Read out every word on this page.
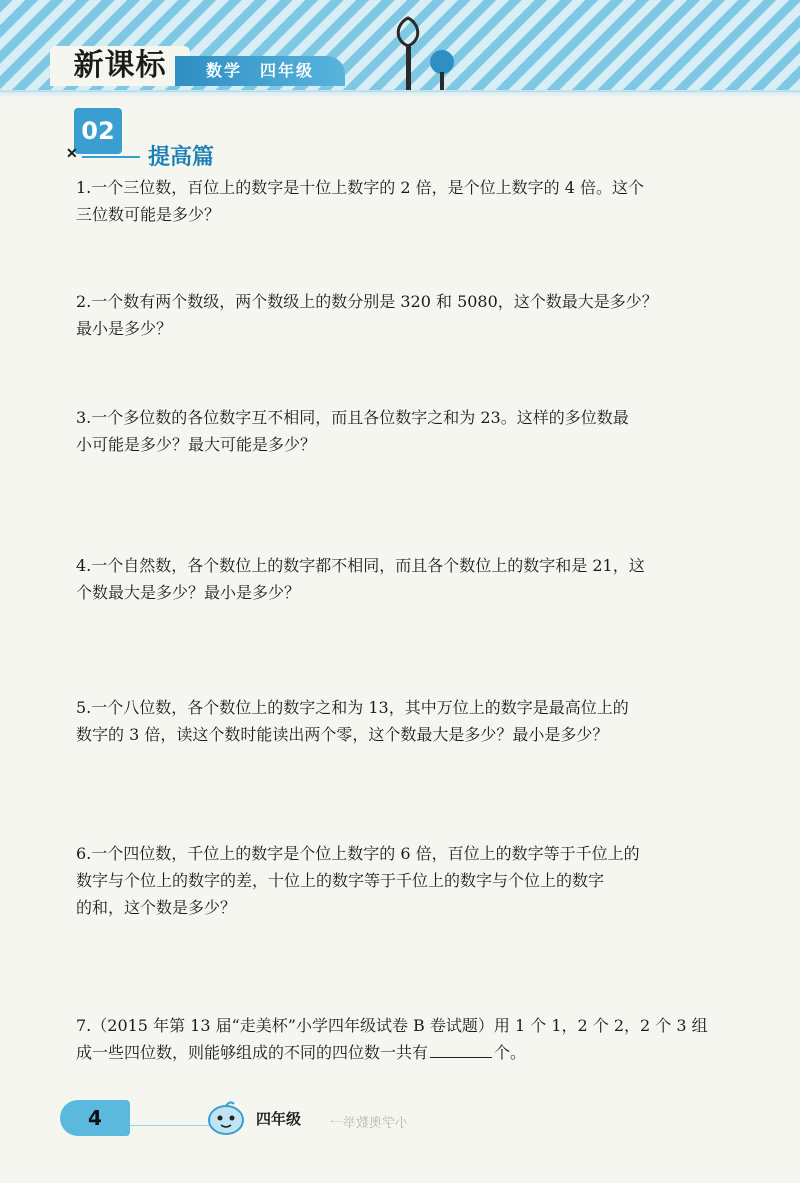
新课标	数学　四年级
02
✕	提高篇
1.一个三位数，百位上的数字是十位上数字的 2 倍，是个位上数字的 4 倍。这个
三位数可能是多少？
2.一个数有两个数级，两个数级上的数分别是 320 和 5080，这个数最大是多少？
最小是多少？
3.一个多位数的各位数字互不相同，而且各位数字之和为 23。这样的多位数最
小可能是多少？最大可能是多少？
4.一个自然数，各个数位上的数字都不相同，而且各个数位上的数字和是 21，这
个数最大是多少？最小是多少？
5.一个八位数，各个数位上的数字之和为 13，其中万位上的数字是最高位上的
数字的 3 倍，读这个数时能读出两个零，这个数最大是多少？最小是多少？
6.一个四位数，千位上的数字是个位上数字的 6 倍，百位上的数字等于千位上的
数字与个位上的数字的差，十位上的数字等于千位上的数字与个位上的数字
的和，这个数是多少？
7.（2015 年第 13 届“走美杯”小学四年级试卷 B 卷试题）用 1 个 1，2 个 2，2 个 3 组
成一些四位数，则能够组成的不同的四位数一共有	个。
4	四年级 小学奥数举一
